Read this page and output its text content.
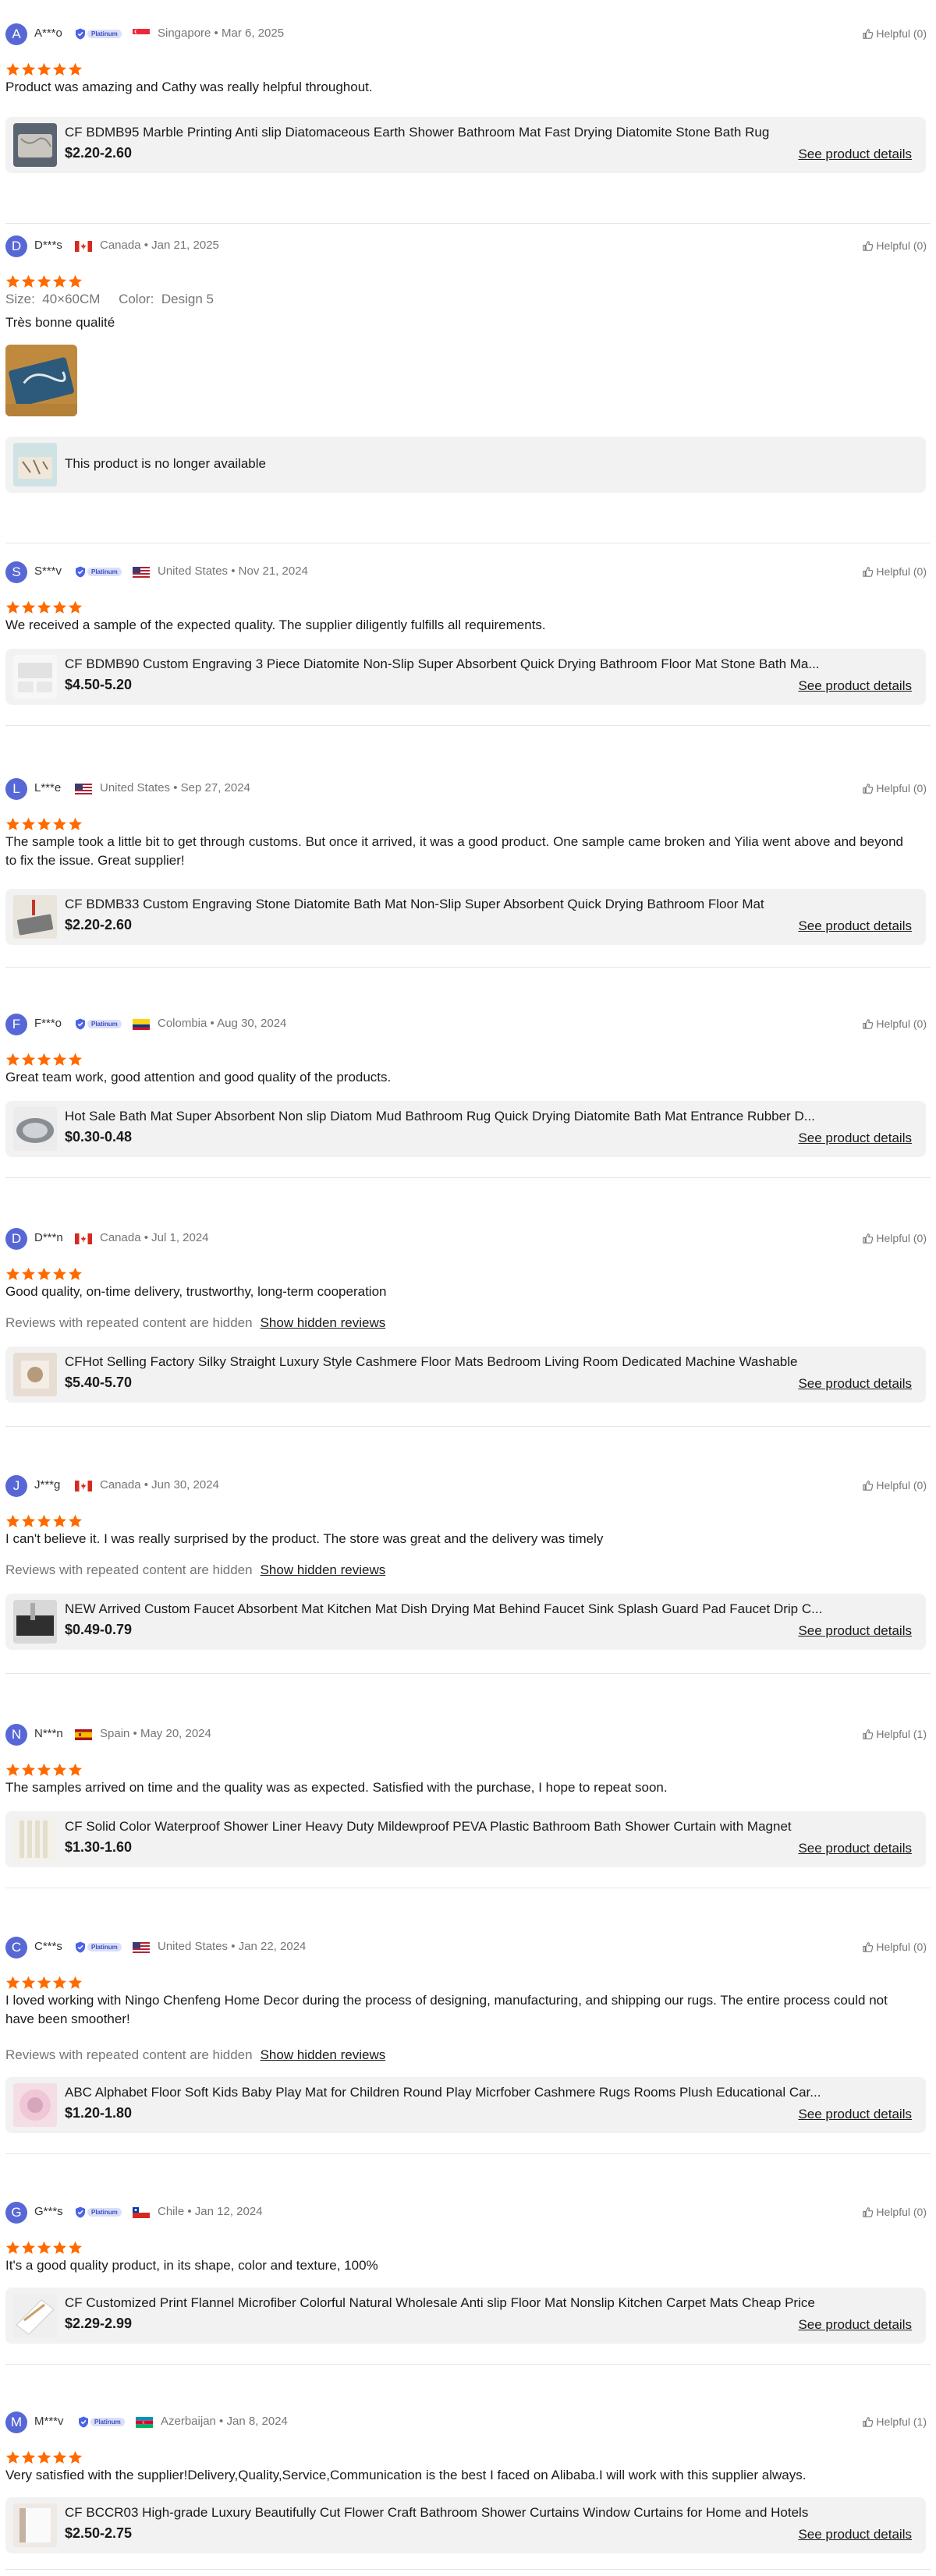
A	A***o	Platinum	Singapore • Mar 6, 2025	Helpful (0)
Product was amazing and Cathy was really helpful throughout.
CF BDMB95 Marble Printing Anti slip Diatomaceous Earth Shower Bathroom Mat Fast Drying Diatomite Stone Bath Rug
$2.20-2.60	See product details
D	D***s	Canada • Jan 21, 2025	Helpful (0)
Size: 40×60CM Color: Design 5
Très bonne qualité
This product is no longer available
S	S***v	Platinum	United States • Nov 21, 2024	Helpful (0)
We received a sample of the expected quality. The supplier diligently fulfills all requirements.
CF BDMB90 Custom Engraving 3 Piece Diatomite Non-Slip Super Absorbent Quick Drying Bathroom Floor Mat Stone Bath Ma...
$4.50-5.20	See product details
L	L***e	United States • Sep 27, 2024	Helpful (0)
The sample took a little bit to get through customs. But once it arrived, it was a good product. One sample came broken and Yilia went above and beyond to fix the issue. Great supplier!
CF BDMB33 Custom Engraving Stone Diatomite Bath Mat Non-Slip Super Absorbent Quick Drying Bathroom Floor Mat
$2.20-2.60	See product details
F	F***o	Platinum	Colombia • Aug 30, 2024	Helpful (0)
Great team work, good attention and good quality of the products.
Hot Sale Bath Mat Super Absorbent Non slip Diatom Mud Bathroom Rug Quick Drying Diatomite Bath Mat Entrance Rubber D...
$0.30-0.48	See product details
D	D***n	Canada • Jul 1, 2024	Helpful (0)
Good quality, on-time delivery, trustworthy, long-term cooperation
Reviews with repeated content are hidden Show hidden reviews
CFHot Selling Factory Silky Straight Luxury Style Cashmere Floor Mats Bedroom Living Room Dedicated Machine Washable
$5.40-5.70	See product details
J	J***g	Canada • Jun 30, 2024	Helpful (0)
I can't believe it. I was really surprised by the product. The store was great and the delivery was timely
Reviews with repeated content are hidden Show hidden reviews
NEW Arrived Custom Faucet Absorbent Mat Kitchen Mat Dish Drying Mat Behind Faucet Sink Splash Guard Pad Faucet Drip C...
$0.49-0.79	See product details
N	N***n	Spain • May 20, 2024	Helpful (1)
The samples arrived on time and the quality was as expected. Satisfied with the purchase, I hope to repeat soon.
CF Solid Color Waterproof Shower Liner Heavy Duty Mildewproof PEVA Plastic Bathroom Bath Shower Curtain with Magnet
$1.30-1.60	See product details
C	C***s	Platinum	United States • Jan 22, 2024	Helpful (0)
I loved working with Ningo Chenfeng Home Decor during the process of designing, manufacturing, and shipping our rugs. The entire process could not have been smoother!
Reviews with repeated content are hidden Show hidden reviews
ABC Alphabet Floor Soft Kids Baby Play Mat for Children Round Play Micrfober Cashmere Rugs Rooms Plush Educational Car...
$1.20-1.80	See product details
G	G***s	Platinum	Chile • Jan 12, 2024	Helpful (0)
It's a good quality product, in its shape, color and texture, 100%
CF Customized Print Flannel Microfiber Colorful Natural Wholesale Anti slip Floor Mat Nonslip Kitchen Carpet Mats Cheap Price
$2.29-2.99	See product details
M	M***v	Platinum	Azerbaijan • Jan 8, 2024	Helpful (1)
Very satisfied with the supplier!Delivery,Quality,Service,Communication is the best I faced on Alibaba.I will work with this supplier always.
CF BCCR03 High-grade Luxury Beautifully Cut Flower Craft Bathroom Shower Curtains Window Curtains for Home and Hotels
$2.50-2.75	See product details
